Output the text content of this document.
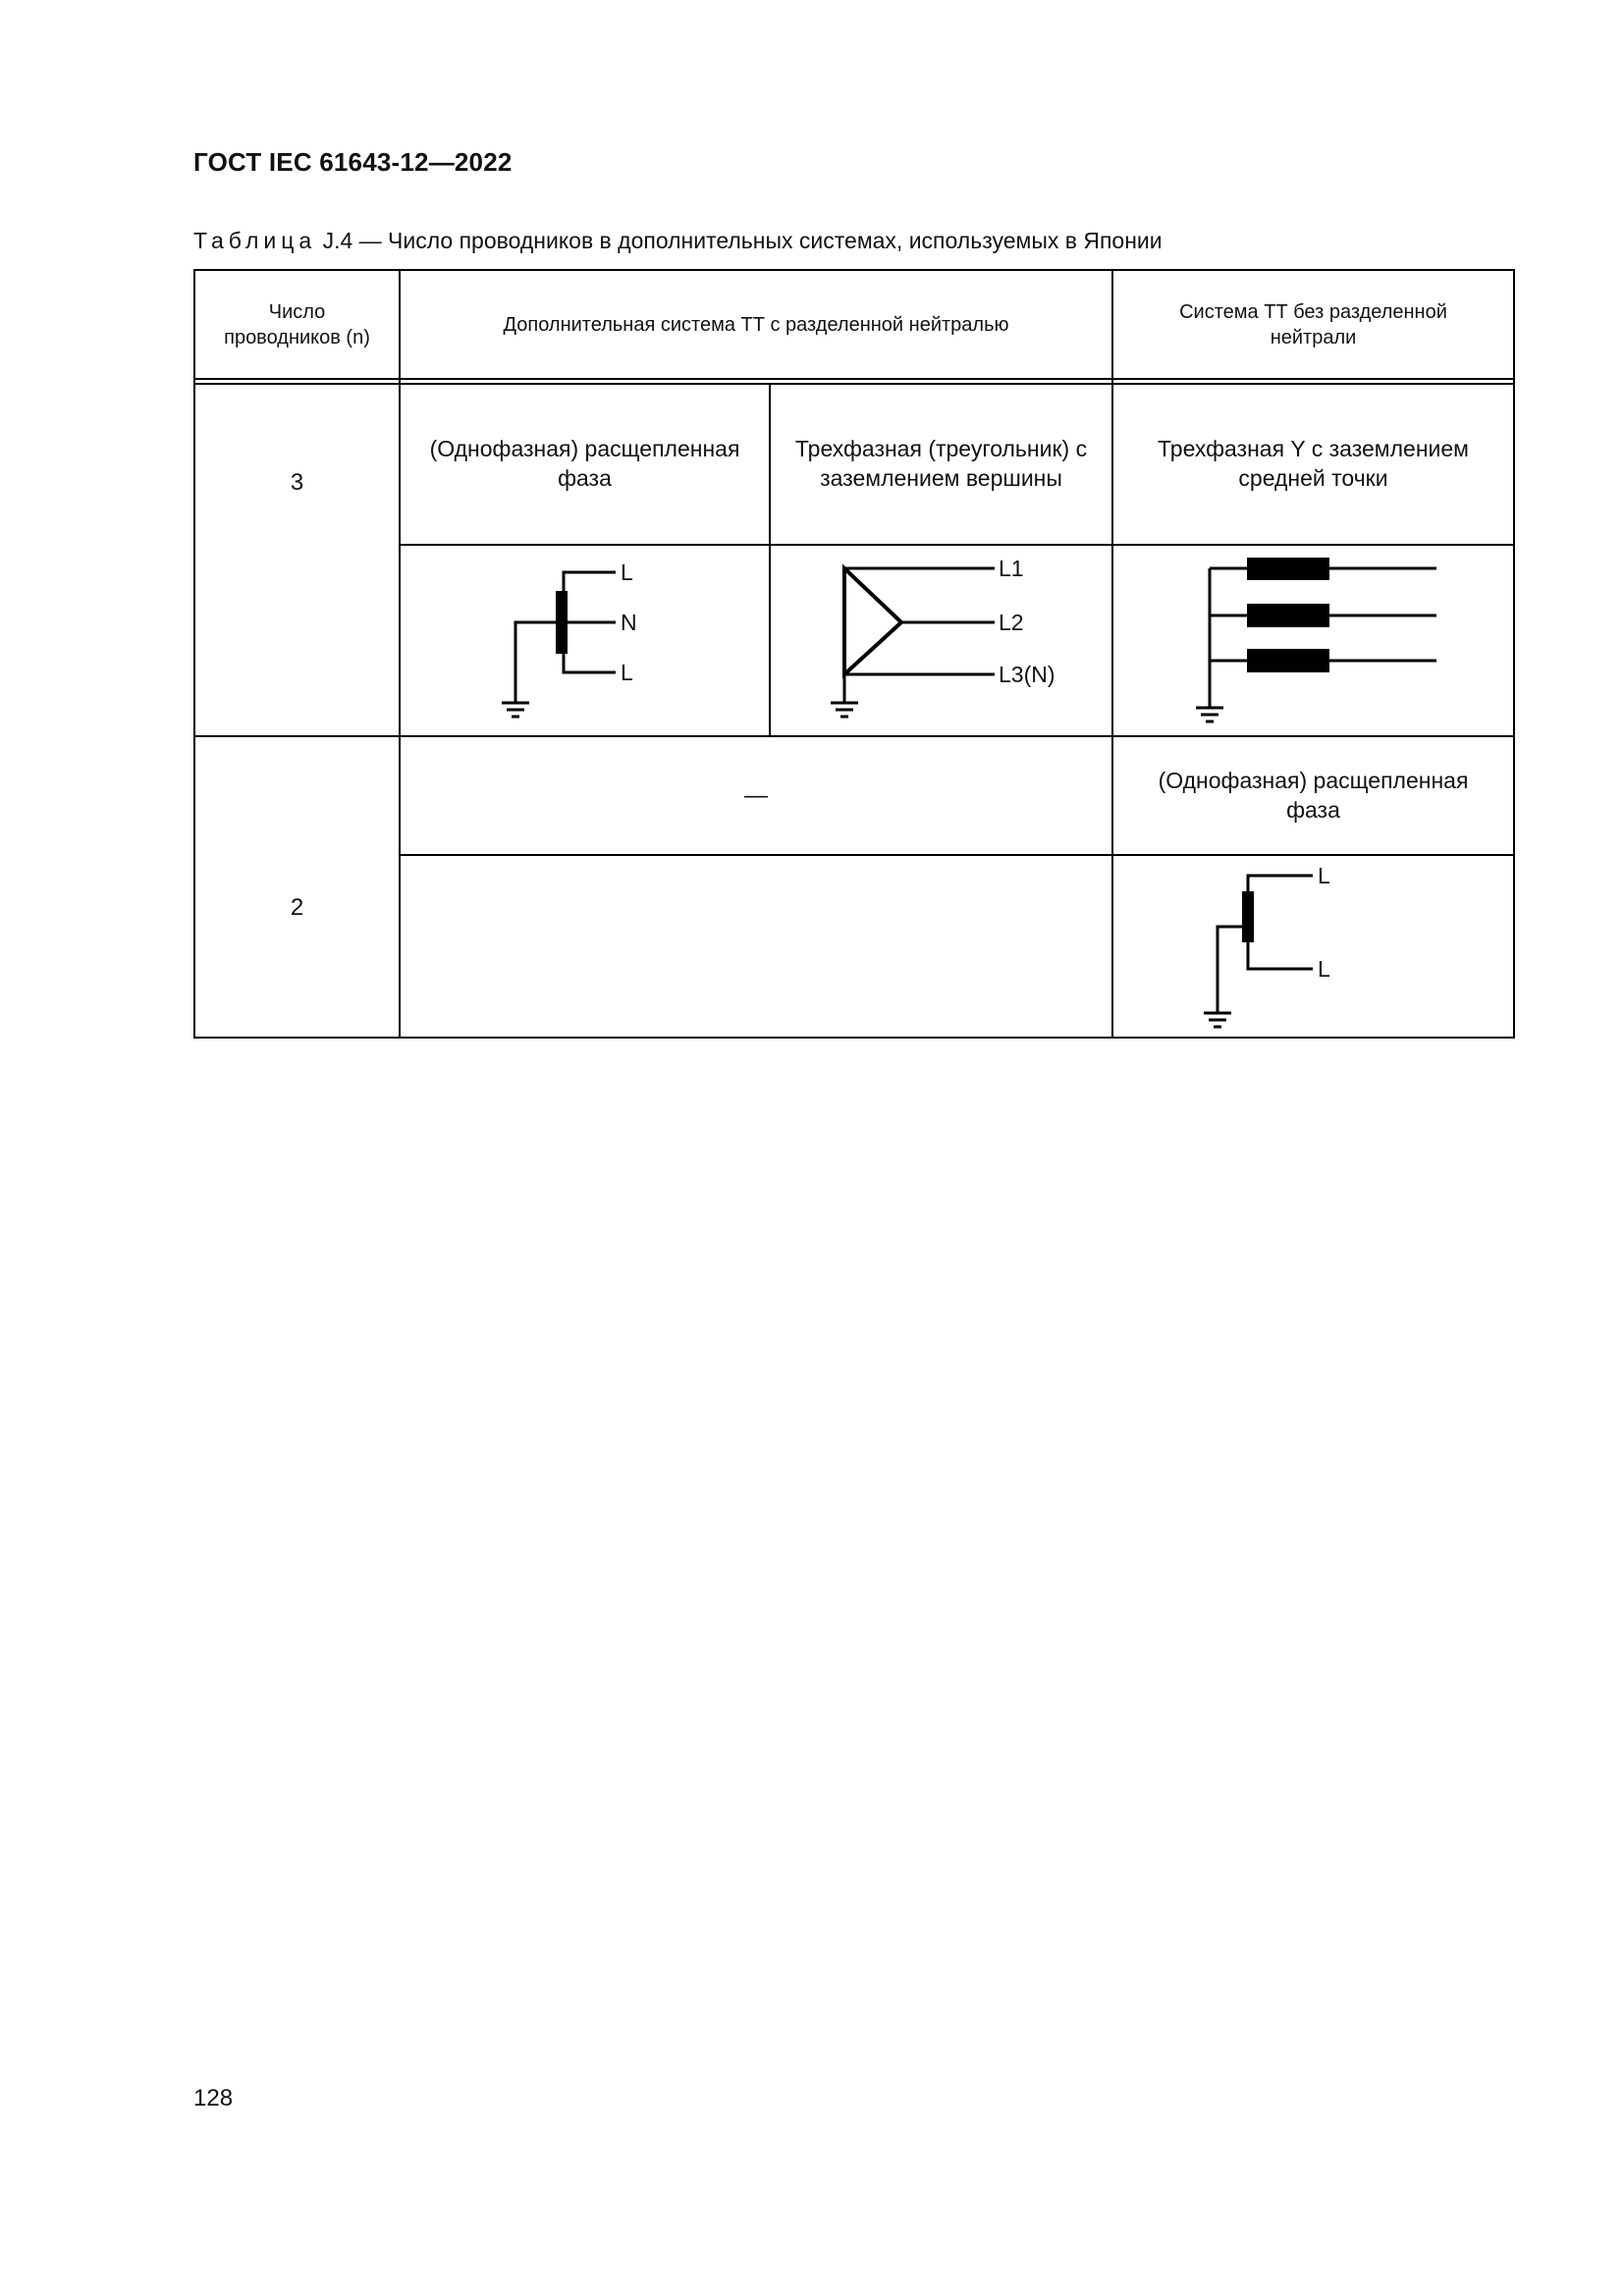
ГОСТ IEC 61643-12—2022
Таблица J.4 — Число проводников в дополнительных системах, используемых в Японии
Число проводников (n)
Дополнительная система ТТ с разделенной нейтралью
Система ТТ без разделенной нейтрали
3
(Однофазная) расщепленная фаза
Трехфазная (треугольник) с заземлением вершины
Трехфазная Y с заземлением средней точки
L
N
L
L1
L2
L3(N)
2
—
(Однофазная) расщепленная фаза
L
L
128
